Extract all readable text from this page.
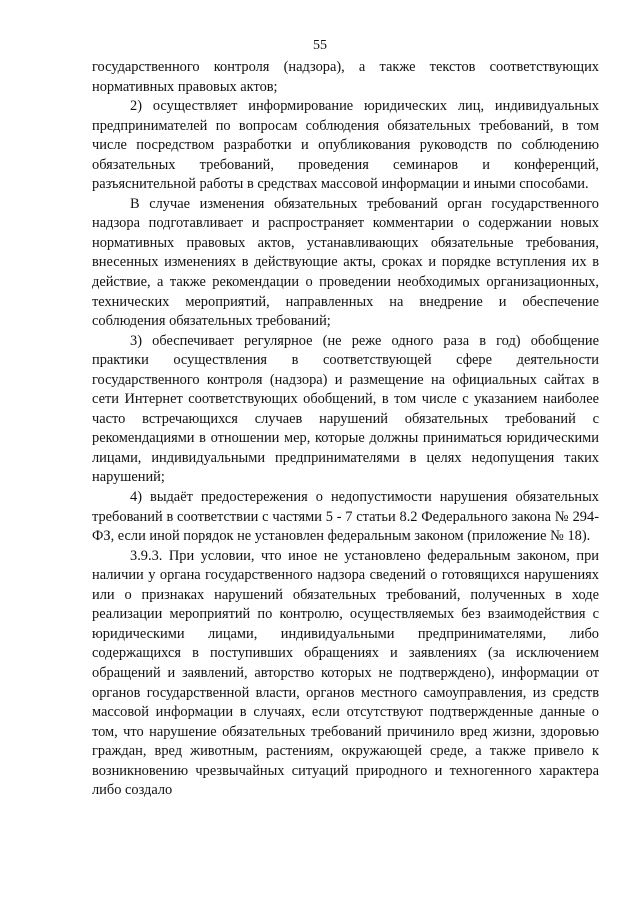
55

государственного контроля (надзора), а также текстов соответствующих нормативных правовых актов;

2) осуществляет информирование юридических лиц, индивидуальных предпринимателей по вопросам соблюдения обязательных требований, в том числе посредством разработки и опубликования руководств по соблюдению обязательных требований, проведения семинаров и конференций, разъяснительной работы в средствах массовой информации и иными способами.

В случае изменения обязательных требований орган государственного надзора подготавливает и распространяет комментарии о содержании новых нормативных правовых актов, устанавливающих обязательные требования, внесенных изменениях в действующие акты, сроках и порядке вступления их в действие, а также рекомендации о проведении необходимых организационных, технических мероприятий, направленных на внедрение и обеспечение соблюдения обязательных требований;

3) обеспечивает регулярное (не реже одного раза в год) обобщение практики осуществления в соответствующей сфере деятельности государственного контроля (надзора) и размещение на официальных сайтах в сети Интернет соответствующих обобщений, в том числе с указанием наиболее часто встречающихся случаев нарушений обязательных требований с рекомендациями в отношении мер, которые должны приниматься юридическими лицами, индивидуальными предпринимателями в целях недопущения таких нарушений;

4) выдаёт предостережения о недопустимости нарушения обязательных требований в соответствии с частями 5 - 7 статьи 8.2 Федерального закона № 294-ФЗ, если иной порядок не установлен федеральным законом (приложение № 18).

3.9.3. При условии, что иное не установлено федеральным законом, при наличии у органа государственного надзора сведений о готовящихся нарушениях или о признаках нарушений обязательных требований, полученных в ходе реализации мероприятий по контролю, осуществляемых без взаимодействия с юридическими лицами, индивидуальными предпринимателями, либо содержащихся в поступивших обращениях и заявлениях (за исключением обращений и заявлений, авторство которых не подтверждено), информации от органов государственной власти, органов местного самоуправления, из средств массовой информации в случаях, если отсутствуют подтвержденные данные о том, что нарушение обязательных требований причинило вред жизни, здоровью граждан, вред животным, растениям, окружающей среде, а также привело к возникновению чрезвычайных ситуаций природного и техногенного характера либо создало
